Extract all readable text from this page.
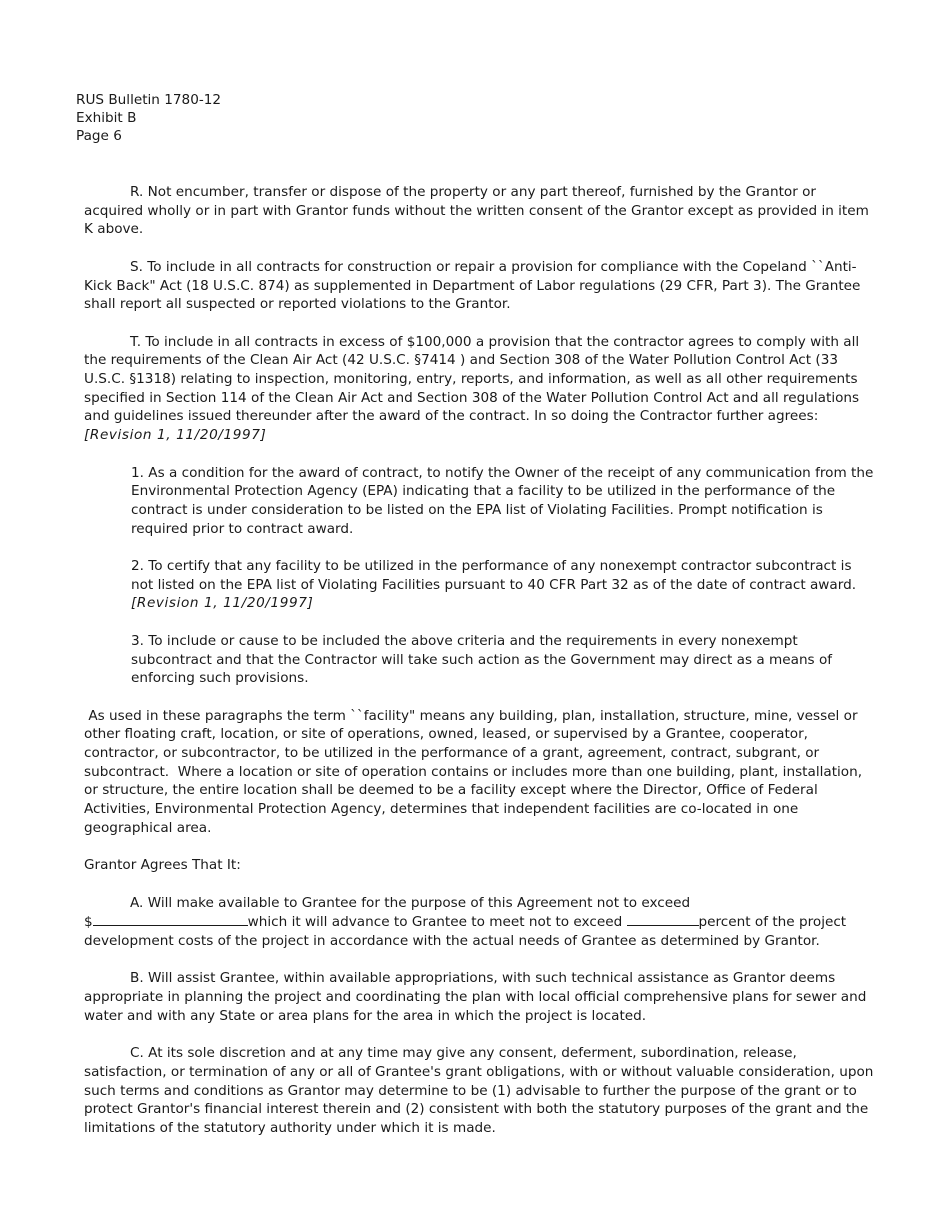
RUS Bulletin 1780-12
Exhibit B
Page 6

R. Not encumber, transfer or dispose of the property or any part thereof, furnished by the Grantor or acquired wholly or in part with Grantor funds without the written consent of the Grantor except as provided in item K above.

S. To include in all contracts for construction or repair a provision for compliance with the Copeland ``Anti-Kick Back" Act (18 U.S.C. 874) as supplemented in Department of Labor regulations (29 CFR, Part 3). The Grantee shall report all suspected or reported violations to the Grantor.

T. To include in all contracts in excess of $100,000 a provision that the contractor agrees to comply with all the requirements of the Clean Air Act (42 U.S.C. §7414 ) and Section 308 of the Water Pollution Control Act (33 U.S.C. §1318) relating to inspection, monitoring, entry, reports, and information, as well as all other requirements specified in Section 114 of the Clean Air Act and Section 308 of the Water Pollution Control Act and all regulations and guidelines issued thereunder after the award of the contract. In so doing the Contractor further agrees:

[Revision 1, 11/20/1997]

1. As a condition for the award of contract, to notify the Owner of the receipt of any communication from the Environmental Protection Agency (EPA) indicating that a facility to be utilized in the performance of the contract is under consideration to be listed on the EPA list of Violating Facilities. Prompt notification is required prior to contract award.

2. To certify that any facility to be utilized in the performance of any nonexempt contractor subcontract is not listed on the EPA list of Violating Facilities pursuant to 40 CFR Part 32 as of the date of contract award.

[Revision 1, 11/20/1997]

3. To include or cause to be included the above criteria and the requirements in every nonexempt subcontract and that the Contractor will take such action as the Government may direct as a means of enforcing such provisions.

As used in these paragraphs the term ``facility" means any building, plan, installation, structure, mine, vessel or other floating craft, location, or site of operations, owned, leased, or supervised by a Grantee, cooperator, contractor, or subcontractor, to be utilized in the performance of a grant, agreement, contract, subgrant, or subcontract.  Where a location or site of operation contains or includes more than one building, plant, installation, or structure, the entire location shall be deemed to be a facility except where the Director, Office of Federal Activities, Environmental Protection Agency, determines that independent facilities are co-located in one geographical area.

Grantor Agrees That It:

A. Will make available to Grantee for the purpose of this Agreement not to exceed
$	which it will advance to Grantee to meet not to exceed	percent of the project development costs of the project in accordance with the actual needs of Grantee as determined by Grantor.

B. Will assist Grantee, within available appropriations, with such technical assistance as Grantor deems appropriate in planning the project and coordinating the plan with local official comprehensive plans for sewer and water and with any State or area plans for the area in which the project is located.

C. At its sole discretion and at any time may give any consent, deferment, subordination, release, satisfaction, or termination of any or all of Grantee's grant obligations, with or without valuable consideration, upon such terms and conditions as Grantor may determine to be (1) advisable to further the purpose of the grant or to protect Grantor's financial interest therein and (2) consistent with both the statutory purposes of the grant and the limitations of the statutory authority under which it is made.
